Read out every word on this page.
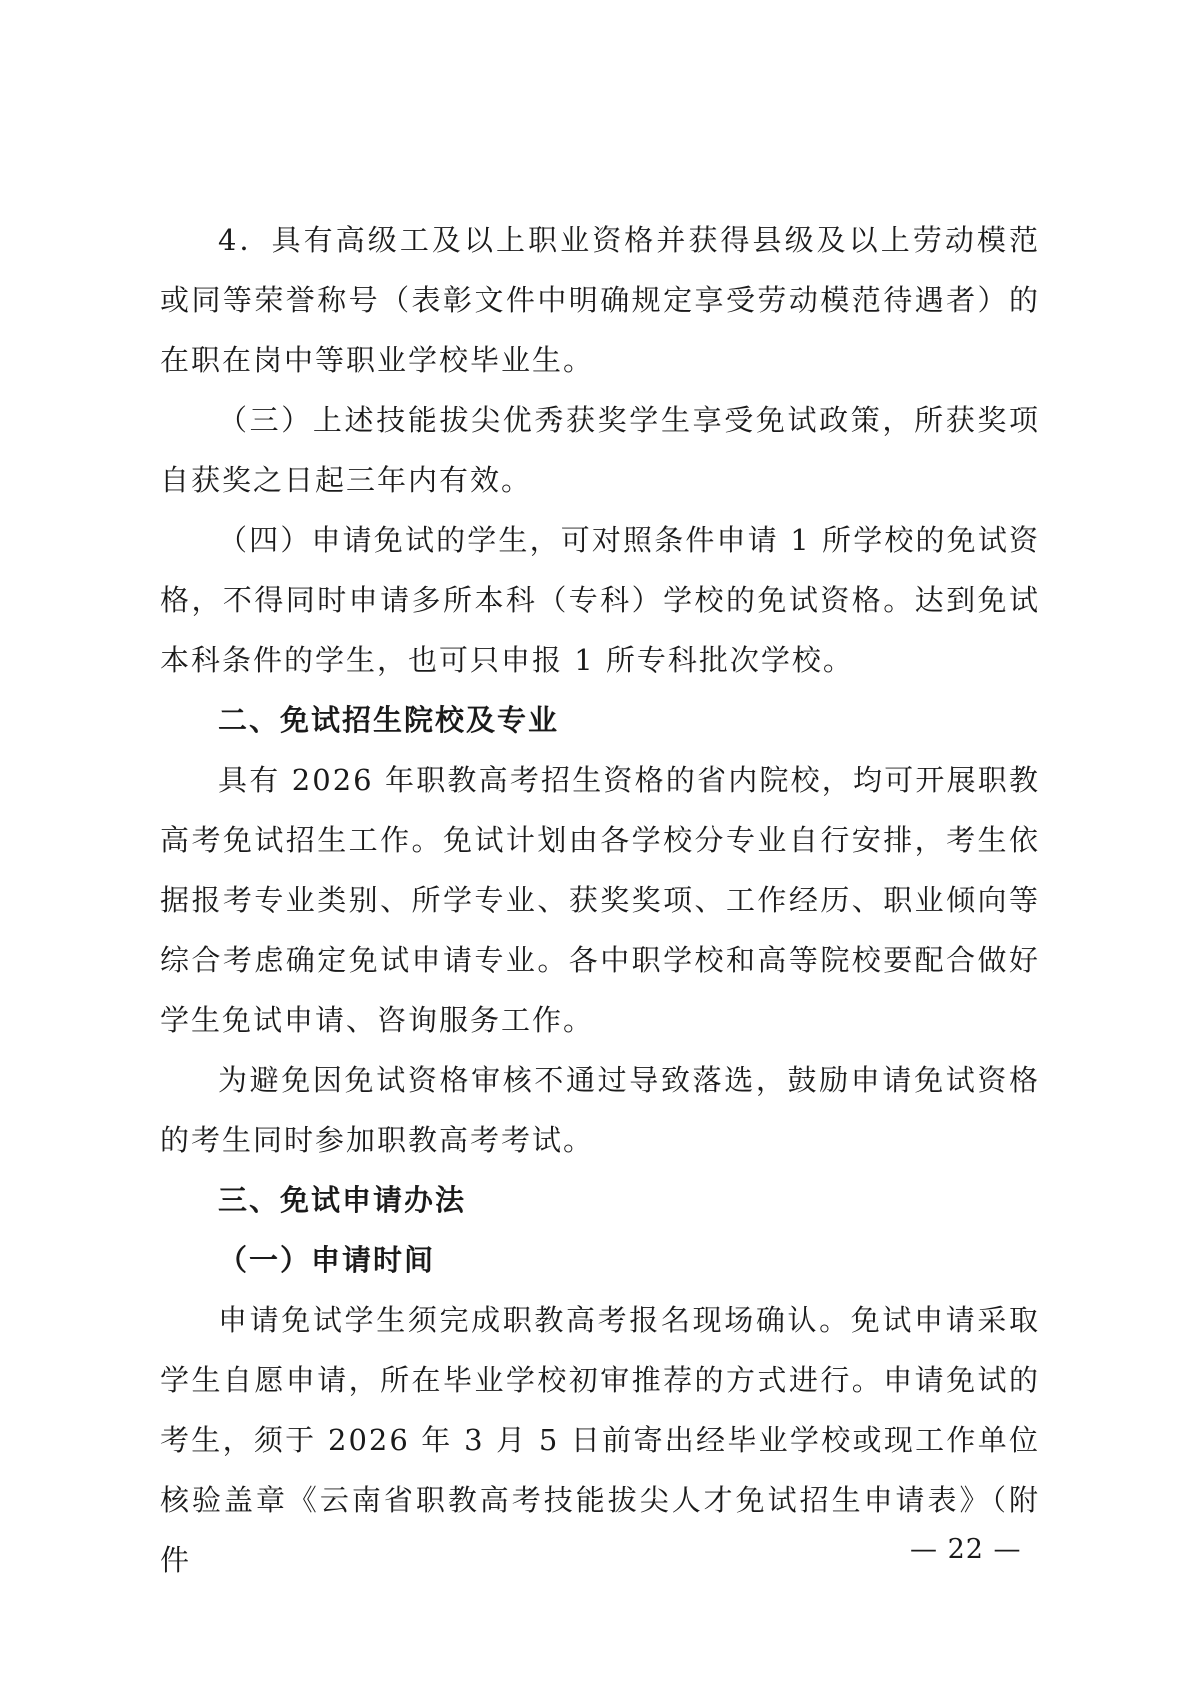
4．具有高级工及以上职业资格并获得县级及以上劳动模范或同等荣誉称号（表彰文件中明确规定享受劳动模范待遇者）的在职在岗中等职业学校毕业生。

（三）上述技能拔尖优秀获奖学生享受免试政策，所获奖项自获奖之日起三年内有效。

（四）申请免试的学生，可对照条件申请 1 所学校的免试资格，不得同时申请多所本科（专科）学校的免试资格。达到免试本科条件的学生，也可只申报 1 所专科批次学校。

二、免试招生院校及专业

具有 2026 年职教高考招生资格的省内院校，均可开展职教高考免试招生工作。免试计划由各学校分专业自行安排，考生依据报考专业类别、所学专业、获奖奖项、工作经历、职业倾向等综合考虑确定免试申请专业。各中职学校和高等院校要配合做好学生免试申请、咨询服务工作。

为避免因免试资格审核不通过导致落选，鼓励申请免试资格的考生同时参加职教高考考试。

三、免试申请办法

（一）申请时间

申请免试学生须完成职教高考报名现场确认。免试申请采取学生自愿申请，所在毕业学校初审推荐的方式进行。申请免试的考生，须于 2026 年 3 月 5 日前寄出经毕业学校或现工作单位核验盖章《云南省职教高考技能拔尖人才免试招生申请表》（附件	— 22 —
